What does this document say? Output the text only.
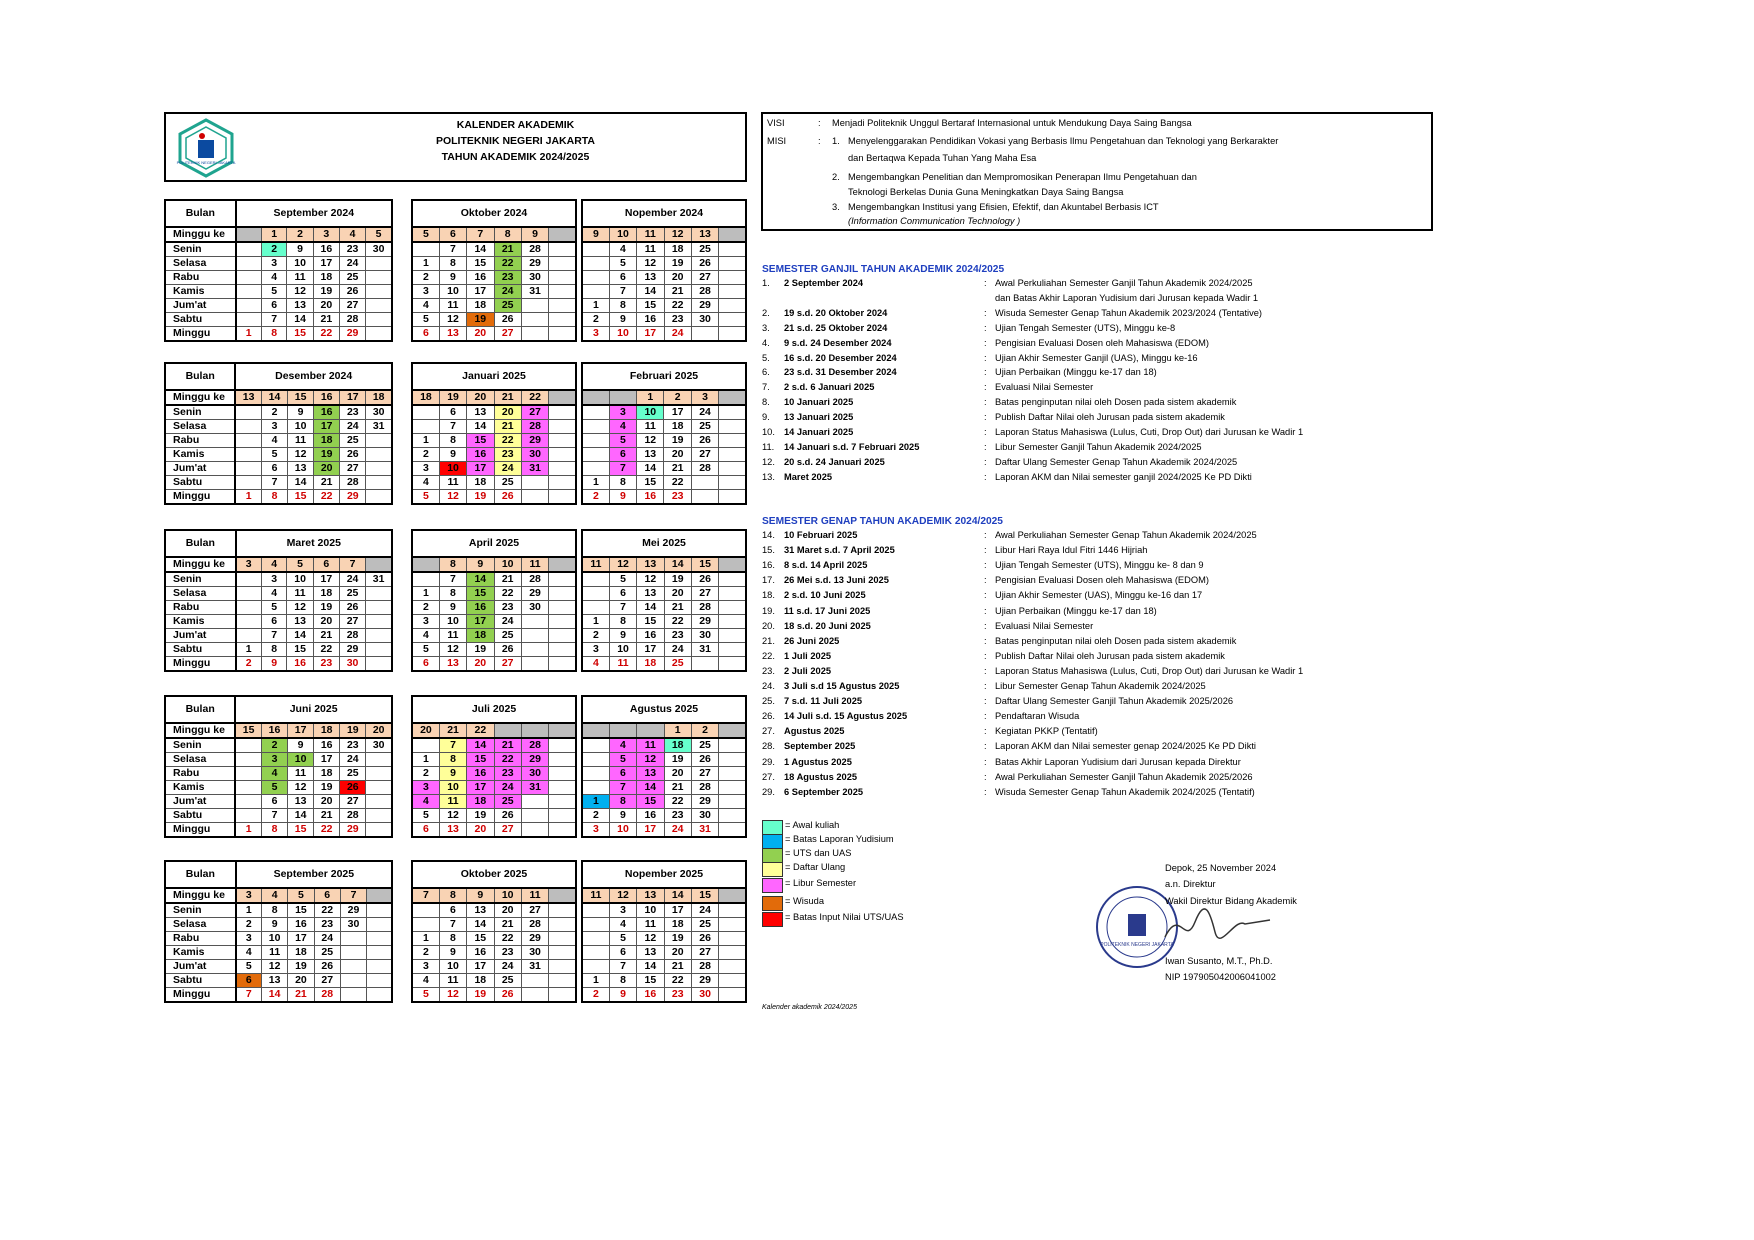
POLITEKNIK NEGERI JAKARTA
KALENDER AKADEMIK
POLITEKNIK NEGERI JAKARTA
TAHUN AKADEMIK 2024/2025
VISI	: Menjadi Politeknik Unggul Bertaraf Internasional untuk Mendukung Daya Saing Bangsa
MISI	: 1. Menyelenggarakan Pendidikan Vokasi yang Berbasis Ilmu Pengetahuan dan Teknologi yang Berkarakter
dan Bertaqwa Kepada Tuhan Yang Maha Esa
2. Mengembangkan Penelitian dan Mempromosikan Penerapan Ilmu Pengetahuan dan
Teknologi Berkelas Dunia Guna Meningkatkan Daya Saing Bangsa
3. Mengembangkan Institusi yang Efisien, Efektif, dan Akuntabel Berbasis ICT
(Information Communication Technology )
Bulan	September 2024					
Minggu ke		1	2	3	4	5
Senin		2	9	16	23	30
Selasa		3	10	17	24	
Rabu		4	11	18	25	
Kamis		5	12	19	26	
Jum'at		6	13	20	27	
Sabtu		7	14	21	28	
Minggu	1	8	15	22	29	
Oktober 2024					
5	6	7	8	9	
	7	14	21	28	
1	8	15	22	29	
2	9	16	23	30	
3	10	17	24	31	
4	11	18	25		
5	12	19	26		
6	13	20	27		
Nopember 2024					
9	10	11	12	13	
	4	11	18	25	
	5	12	19	26	
	6	13	20	27	
	7	14	21	28	
1	8	15	22	29	
2	9	16	23	30	
3	10	17	24		
Bulan	Desember 2024					
Minggu ke	13	14	15	16	17	18
Senin		2	9	16	23	30
Selasa		3	10	17	24	31
Rabu		4	11	18	25	
Kamis		5	12	19	26	
Jum'at		6	13	20	27	
Sabtu		7	14	21	28	
Minggu	1	8	15	22	29	
Januari 2025					
18	19	20	21	22	
	6	13	20	27	
	7	14	21	28	
1	8	15	22	29	
2	9	16	23	30	
3	10	17	24	31	
4	11	18	25		
5	12	19	26		
Februari 2025					
		1	2	3	
	3	10	17	24	
	4	11	18	25	
	5	12	19	26	
	6	13	20	27	
	7	14	21	28	
1	8	15	22		
2	9	16	23		
Bulan	Maret 2025					
Minggu ke	3	4	5	6	7	
Senin		3	10	17	24	31
Selasa		4	11	18	25	
Rabu		5	12	19	26	
Kamis		6	13	20	27	
Jum'at		7	14	21	28	
Sabtu	1	8	15	22	29	
Minggu	2	9	16	23	30	
April 2025					
	8	9	10	11	
	7	14	21	28	
1	8	15	22	29	
2	9	16	23	30	
3	10	17	24		
4	11	18	25		
5	12	19	26		
6	13	20	27		
Mei 2025					
11	12	13	14	15	
	5	12	19	26	
	6	13	20	27	
	7	14	21	28	
1	8	15	22	29	
2	9	16	23	30	
3	10	17	24	31	
4	11	18	25		
Bulan	Juni 2025					
Minggu ke	15	16	17	18	19	20
Senin		2	9	16	23	30
Selasa		3	10	17	24	
Rabu		4	11	18	25	
Kamis		5	12	19	26	
Jum'at		6	13	20	27	
Sabtu		7	14	21	28	
Minggu	1	8	15	22	29	
Juli 2025					
20	21	22			
	7	14	21	28	
1	8	15	22	29	
2	9	16	23	30	
3	10	17	24	31	
4	11	18	25		
5	12	19	26		
6	13	20	27		
Agustus 2025					
			1	2	
	4	11	18	25	
	5	12	19	26	
	6	13	20	27	
	7	14	21	28	
1	8	15	22	29	
2	9	16	23	30	
3	10	17	24	31	
Bulan	September 2025					
Minggu ke	3	4	5	6	7	
Senin	1	8	15	22	29	
Selasa	2	9	16	23	30	
Rabu	3	10	17	24		
Kamis	4	11	18	25		
Jum'at	5	12	19	26		
Sabtu	6	13	20	27		
Minggu	7	14	21	28		
Oktober 2025					
7	8	9	10	11	
	6	13	20	27	
	7	14	21	28	
1	8	15	22	29	
2	9	16	23	30	
3	10	17	24	31	
4	11	18	25		
5	12	19	26		
Nopember 2025					
11	12	13	14	15	
	3	10	17	24	
	4	11	18	25	
	5	12	19	26	
	6	13	20	27	
	7	14	21	28	
1	8	15	22	29	
2	9	16	23	30	
SEMESTER GANJIL TAHUN AKADEMIK 2024/2025
1.	2 September 2024	: Awal Perkuliahan Semester Ganjil Tahun Akademik 2024/2025
dan Batas Akhir Laporan Yudisium dari Jurusan kepada Wadir 1
2.	19 s.d. 20 Oktober 2024	: Wisuda Semester Genap Tahun Akademik 2023/2024 (Tentative)
3.	21 s.d. 25 Oktober 2024	: Ujian Tengah Semester (UTS), Minggu ke-8
4.	9 s.d. 24 Desember 2024	: Pengisian Evaluasi Dosen oleh Mahasiswa (EDOM)
5.	16 s.d. 20 Desember 2024	: Ujian Akhir Semester Ganjil (UAS), Minggu ke-16
6.	23 s.d. 31 Desember 2024	: Ujian Perbaikan (Minggu ke-17 dan 18)
7.	2 s.d. 6 Januari 2025	: Evaluasi Nilai Semester
8.	10 Januari 2025	: Batas penginputan nilai oleh Dosen pada sistem akademik
9.	13 Januari 2025	: Publish Daftar Nilai oleh Jurusan pada sistem akademik
10. 14 Januari 2025	: Laporan Status Mahasiswa (Lulus, Cuti, Drop Out) dari Jurusan ke Wadir 1
11.	14 Januari s.d. 7 Februari 2025	: Libur Semester Ganjil Tahun Akademik 2024/2025
12. 20 s.d. 24 Januari 2025	: Daftar Ulang Semester Genap Tahun Akademik 2024/2025
13. Maret 2025	: Laporan AKM dan Nilai semester ganjil 2024/2025 Ke PD Dikti
SEMESTER GENAP TAHUN AKADEMIK 2024/2025
14. 10 Februari 2025	: Awal Perkuliahan Semester Genap Tahun Akademik 2024/2025
15. 31 Maret s.d. 7 April 2025	: Libur Hari Raya Idul Fitri 1446 Hijriah
16. 8 s.d. 14 April 2025	: Ujian Tengah Semester (UTS), Minggu ke- 8 dan 9
17. 26 Mei s.d. 13 Juni 2025	: Pengisian Evaluasi Dosen oleh Mahasiswa (EDOM)
18. 2 s.d. 10 Juni 2025	: Ujian Akhir Semester (UAS), Minggu ke-16 dan 17
19. 11 s.d. 17 Juni 2025	: Ujian Perbaikan (Minggu ke-17 dan 18)
20. 18 s.d. 20 Juni 2025	: Evaluasi Nilai Semester
21. 26 Juni 2025	: Batas penginputan nilai oleh Dosen pada sistem akademik
22. 1 Juli 2025	: Publish Daftar Nilai oleh Jurusan pada sistem akademik
23. 2 Juli 2025	: Laporan Status Mahasiswa (Lulus, Cuti, Drop Out) dari Jurusan ke Wadir 1
24. 3 Juli s.d 15 Agustus 2025	: Libur Semester Genap Tahun Akademik 2024/2025
25. 7 s.d. 11 Juli 2025	: Daftar Ulang Semester Ganjil Tahun Akademik 2025/2026
26. 14 Juli s.d. 15 Agustus 2025	: Pendaftaran Wisuda
27. Agustus 2025	: Kegiatan PKKP (Tentatif)
28. September 2025	: Laporan AKM dan Nilai semester genap 2024/2025 Ke PD Dikti
29. 1 Agustus 2025	: Batas Akhir Laporan Yudisium dari Jurusan kepada Direktur
27. 18 Agustus 2025	: Awal Perkuliahan Semester Ganjil Tahun Akademik 2025/2026
29. 6 September 2025	: Wisuda Semester Genap Tahun Akademik 2024/2025 (Tentatif)
= Awal kuliah
= Batas Laporan Yudisium
= UTS dan UAS
= Daftar Ulang
= Libur Semester
= Wisuda
= Batas Input Nilai UTS/UAS
POLITEKNIK NEGERI JAKARTA
Depok, 25 November 2024
a.n. Direktur
Wakil Direktur Bidang Akademik
Iwan Susanto, M.T., Ph.D.
NIP 197905042006041002
Kalender akademik 2024/2025
